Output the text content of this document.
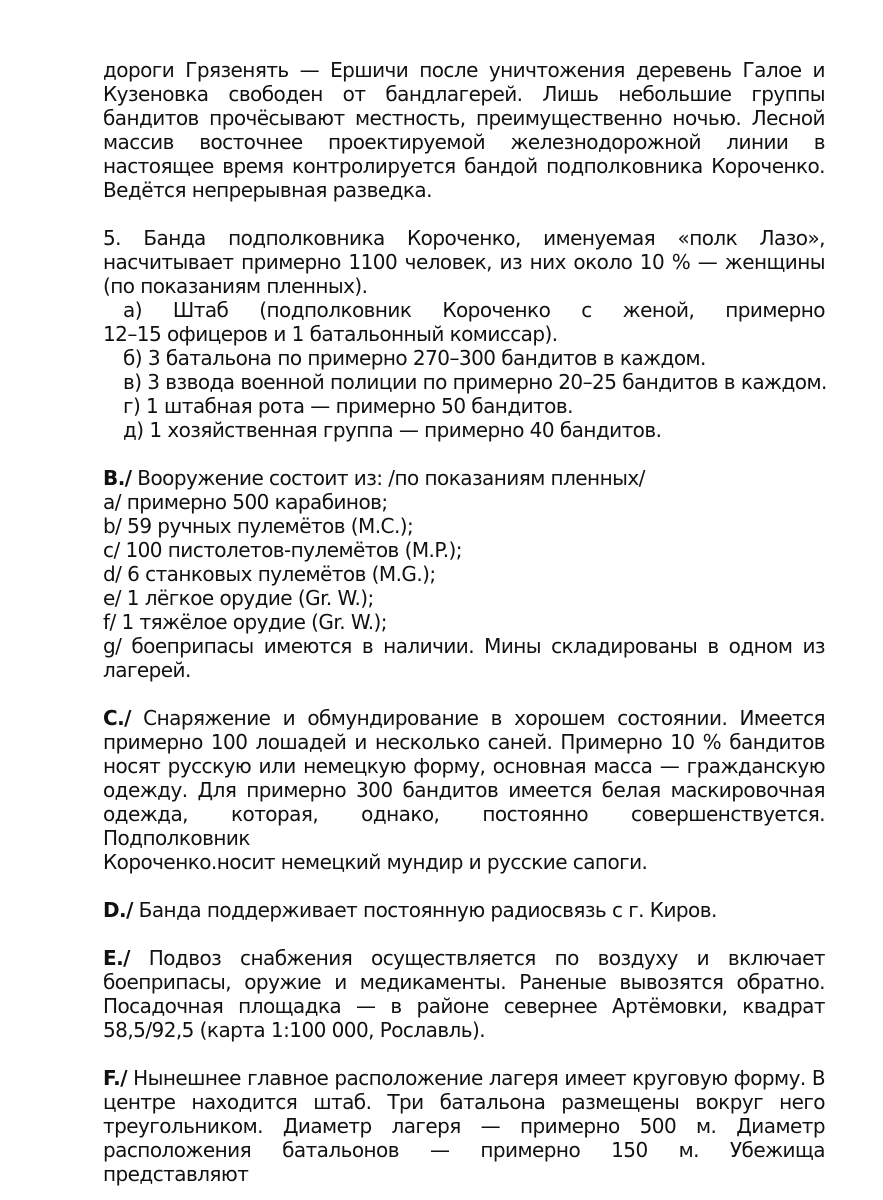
дороги Грязенять — Ершичи после уничтожения деревень Галое и
Кузеновка свободен от бандлагерей. Лишь небольшие группы
бандитов прочёсывают местность, преимущественно ночью. Лесной
массив восточнее проектируемой железнодорожной линии в
настоящее время контролируется бандой подполковника Короченко.
Ведётся непрерывная разведка.
5. Банда подполковника Короченко, именуемая «полк Лазо»,
насчитывает примерно 1100 человек, из них около 10 % — женщины
(по показаниям пленных).
а) Штаб (подполковник Короченко с женой, примерно
12–15 офицеров и 1 батальонный комиссар).
б) 3 батальона по примерно 270–300 бандитов в каждом.
в) 3 взвода военной полиции по примерно 20–25 бандитов в каждом.
г) 1 штабная рота — примерно 50 бандитов.
д) 1 хозяйственная группа — примерно 40 бандитов.
B./ Вооружение состоит из: /по показаниям пленных/
a/ примерно 500 карабинов;
b/ 59 ручных пулемётов (M.C.);
c/ 100 пистолетов-пулемётов (M.P.);
d/ 6 станковых пулемётов (M.G.);
e/ 1 лёгкое орудие (Gr. W.);
f/ 1 тяжёлое орудие (Gr. W.);
g/ боеприпасы имеются в наличии. Мины складированы в одном из
лагерей.
C./ Снаряжение и обмундирование в хорошем состоянии. Имеется
примерно 100 лошадей и несколько саней. Примерно 10 % бандитов
носят русскую или немецкую форму, основная масса — гражданскую
одежду. Для примерно 300 бандитов имеется белая маскировочная
одежда, которая, однако, постоянно совершенствуется. Подполковник
Короченко.носит немецкий мундир и русские сапоги.
D./ Банда поддерживает постоянную радиосвязь с г. Киров.
E./ Подвоз снабжения осуществляется по воздуху и включает
боеприпасы, оружие и медикаменты. Раненые вывозятся обратно.
Посадочная площадка — в районе севернее Артёмовки, квадрат
58,5/92,5 (карта 1:100 000, Рославль).
F./ Нынешнее главное расположение лагеря имеет круговую форму. В
центре находится штаб. Три батальона размещены вокруг него
треугольником. Диаметр лагеря — примерно 500 м. Диаметр
расположения батальонов — примерно 150 м. Убежища представляют
